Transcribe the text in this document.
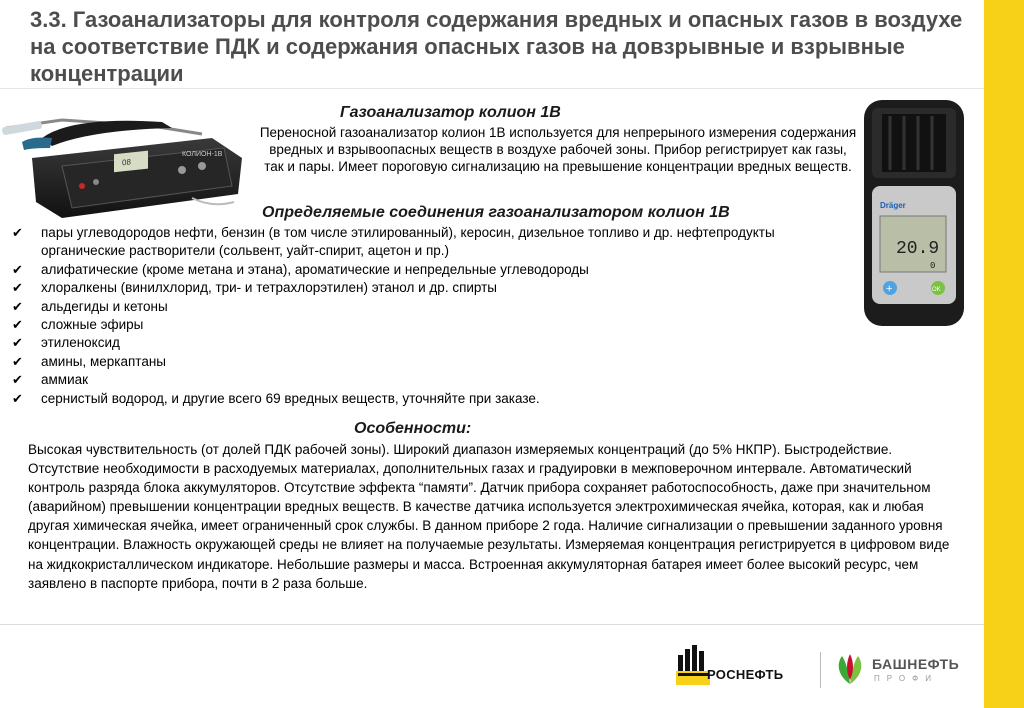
3.3. Газоанализаторы для контроля содержания вредных и опасных газов в воздухе на соответствие ПДК и содержания опасных газов на довзрывные и взрывные концентрации
08
КОЛИОН-1В
Dräger
20.9
0
+	OK
Газоанализатор колион 1В

Переносной газоанализатор колион 1В используется для непрерыного измерения содержания вредных и взрывоопасных веществ в воздухе рабочей зоны. Прибор регистрирует как газы, так и пары. Имеет пороговую сигнализацию на превышение концентрации вредных веществ.

Определяемые соединения газоанализатором колион 1В
✔ пары углеводородов нефти, бензин (в том числе этилированный), керосин, дизельное топливо и др. нефтепродукты органические растворители (сольвент, уайт-спирит, ацетон и пр.)
✔ алифатические (кроме метана и этана), ароматические и непредельные углеводороды
✔ хлоралкены (винилхлорид, три- и тетрахлорэтилен) этанол и др. спирты
✔ альдегиды и кетоны
✔ сложные эфиры
✔ этиленоксид
✔ амины, меркаптаны
✔ аммиак
✔ сернистый водород, и другие всего 69 вредных веществ, уточняйте при заказе.
Особенности:

Высокая чувствительность (от долей ПДК рабочей зоны). Широкий диапазон измеряемых концентраций (до 5% НКПР). Быстродействие. Отсутствие необходимости в расходуемых материалах, дополнительных газах и градуировки в межповерочном интервале. Автоматический контроль разряда блока аккумуляторов. Отсутствие эффекта “памяти”. Датчик прибора сохраняет работоспособность, даже при значительном (аварийном) превышении концентрации вредных веществ. В качестве датчика используется электрохимическая ячейка, которая, как и любая другая химическая ячейка, имеет ограниченный срок службы. В данном приборе 2 года. Наличие сигнализации о превышении заданного уровня концентрации. Влажность окружающей среды не влияет на получаемые результаты. Измеряемая концентрация регистрируется в цифровом виде на жидкокристаллическом индикаторе. Небольшие размеры и масса. Встроенная аккумуляторная батарея имеет более высокий ресурс, чем заявлено в паспорте прибора, почти в 2 раза больше.

РОСНЕФТЬ
БАШНЕФТЬ
ПРОФИ
